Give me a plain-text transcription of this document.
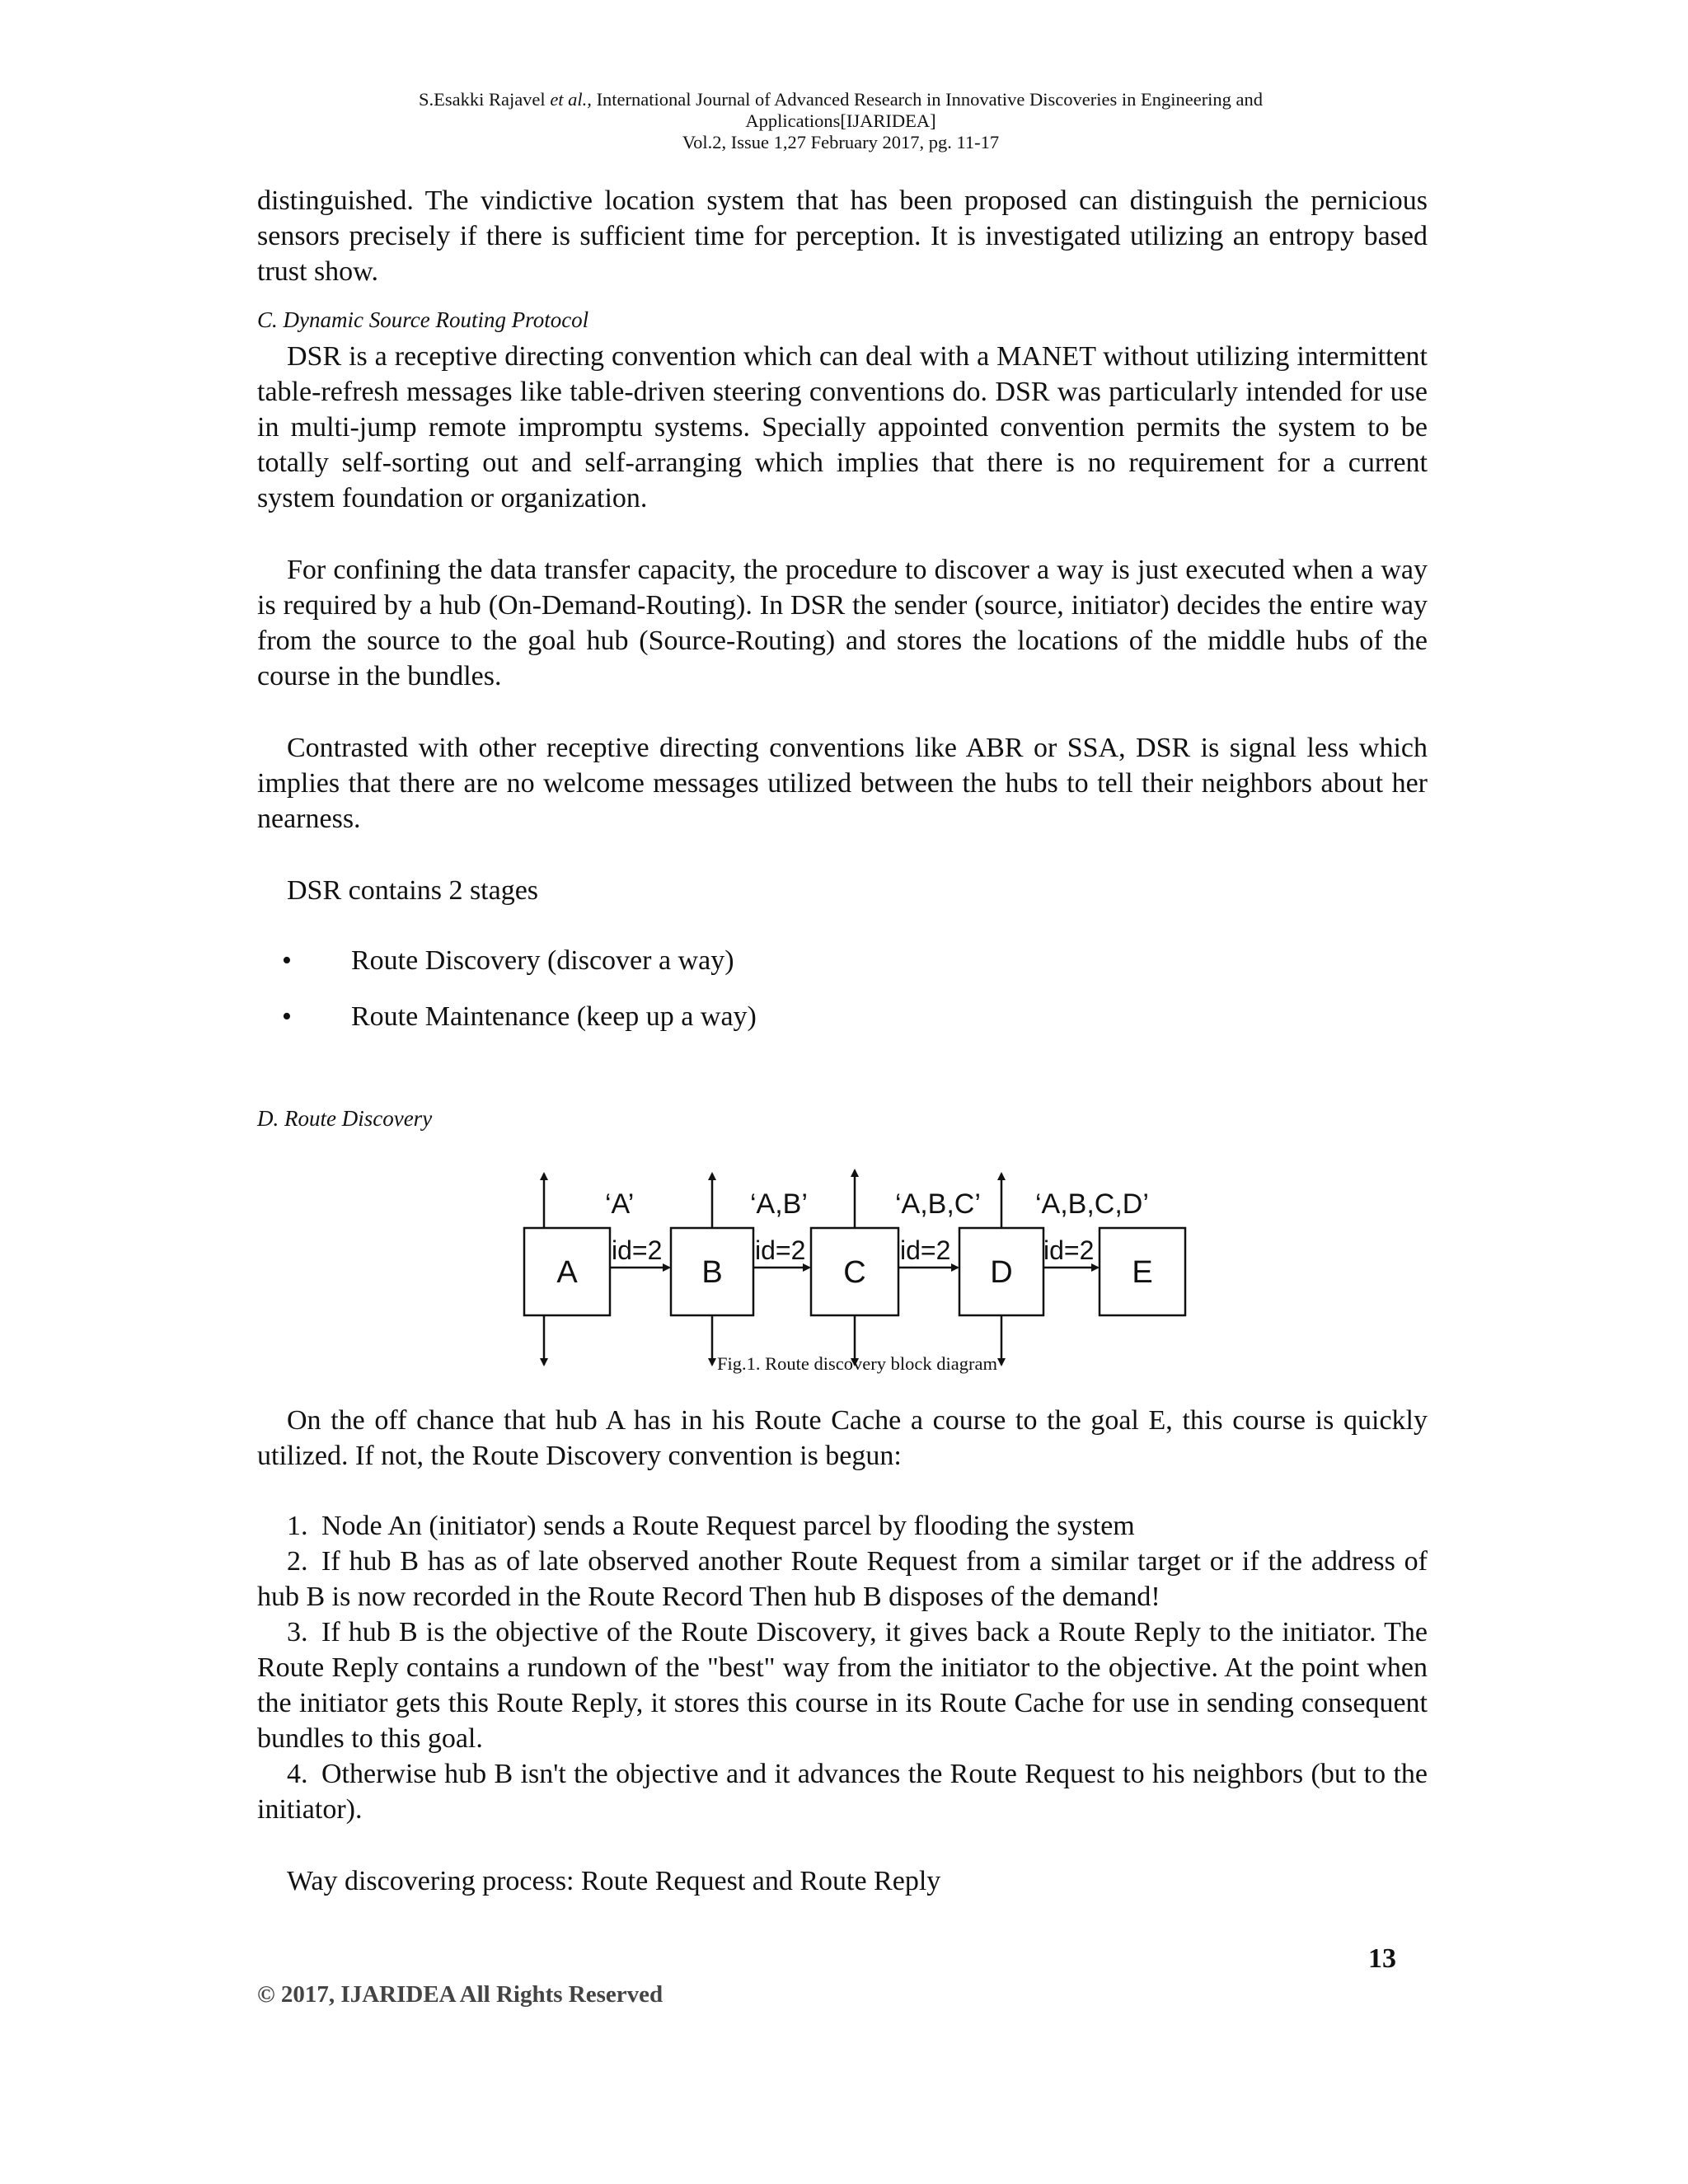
S.Esakki Rajavel et al., International Journal of Advanced Research in Innovative Discoveries in Engineering and
Applications[IJARIDEA]
Vol.2, Issue 1,27 February 2017, pg. 11-17

distinguished. The vindictive location system that has been proposed can distinguish the pernicious sensors precisely if there is sufficient time for perception. It is investigated utilizing an entropy based trust show.

C. Dynamic Source Routing Protocol

DSR is a receptive directing convention which can deal with a MANET without utilizing intermittent table-refresh messages like table-driven steering conventions do. DSR was particularly intended for use in multi-jump remote impromptu systems. Specially appointed convention permits the system to be totally self-sorting out and self-arranging which implies that there is no requirement for a current system foundation or organization.

For confining the data transfer capacity, the procedure to discover a way is just executed when a way is required by a hub (On-Demand-Routing). In DSR the sender (source, initiator) decides the entire way from the source to the goal hub (Source-Routing) and stores the locations of the middle hubs of the course in the bundles.

Contrasted with other receptive directing conventions like ABR or SSA, DSR is signal less which implies that there are no welcome messages utilized between the hubs to tell their neighbors about her nearness.

DSR contains 2 stages

• Route Discovery (discover a way)
• Route Maintenance (keep up a way)

D. Route Discovery

On the off chance that hub A has in his Route Cache a course to the goal E, this course is quickly utilized. If not, the Route Discovery convention is begun:

1. Node An (initiator) sends a Route Request parcel by flooding the system

2. If hub B has as of late observed another Route Request from a similar target or if the address of hub B is now recorded in the Route Record Then hub B disposes of the demand!

3. If hub B is the objective of the Route Discovery, it gives back a Route Reply to the initiator. The Route Reply contains a rundown of the "best" way from the initiator to the objective. At the point when the initiator gets this Route Reply, it stores this course in its Route Cache for use in sending consequent bundles to this goal.

4. Otherwise hub B isn't the objective and it advances the Route Request to his neighbors (but to the initiator).

Way discovering process: Route Request and Route Reply

A	B	C	D	E
‘A’	‘A,B’	‘A,B,C’ ‘A,B,C,D’
id=2	id=2	id=2	id=2
Fig.1. Route discovery block diagram
13
© 2017, IJARIDEA All Rights Reserved
